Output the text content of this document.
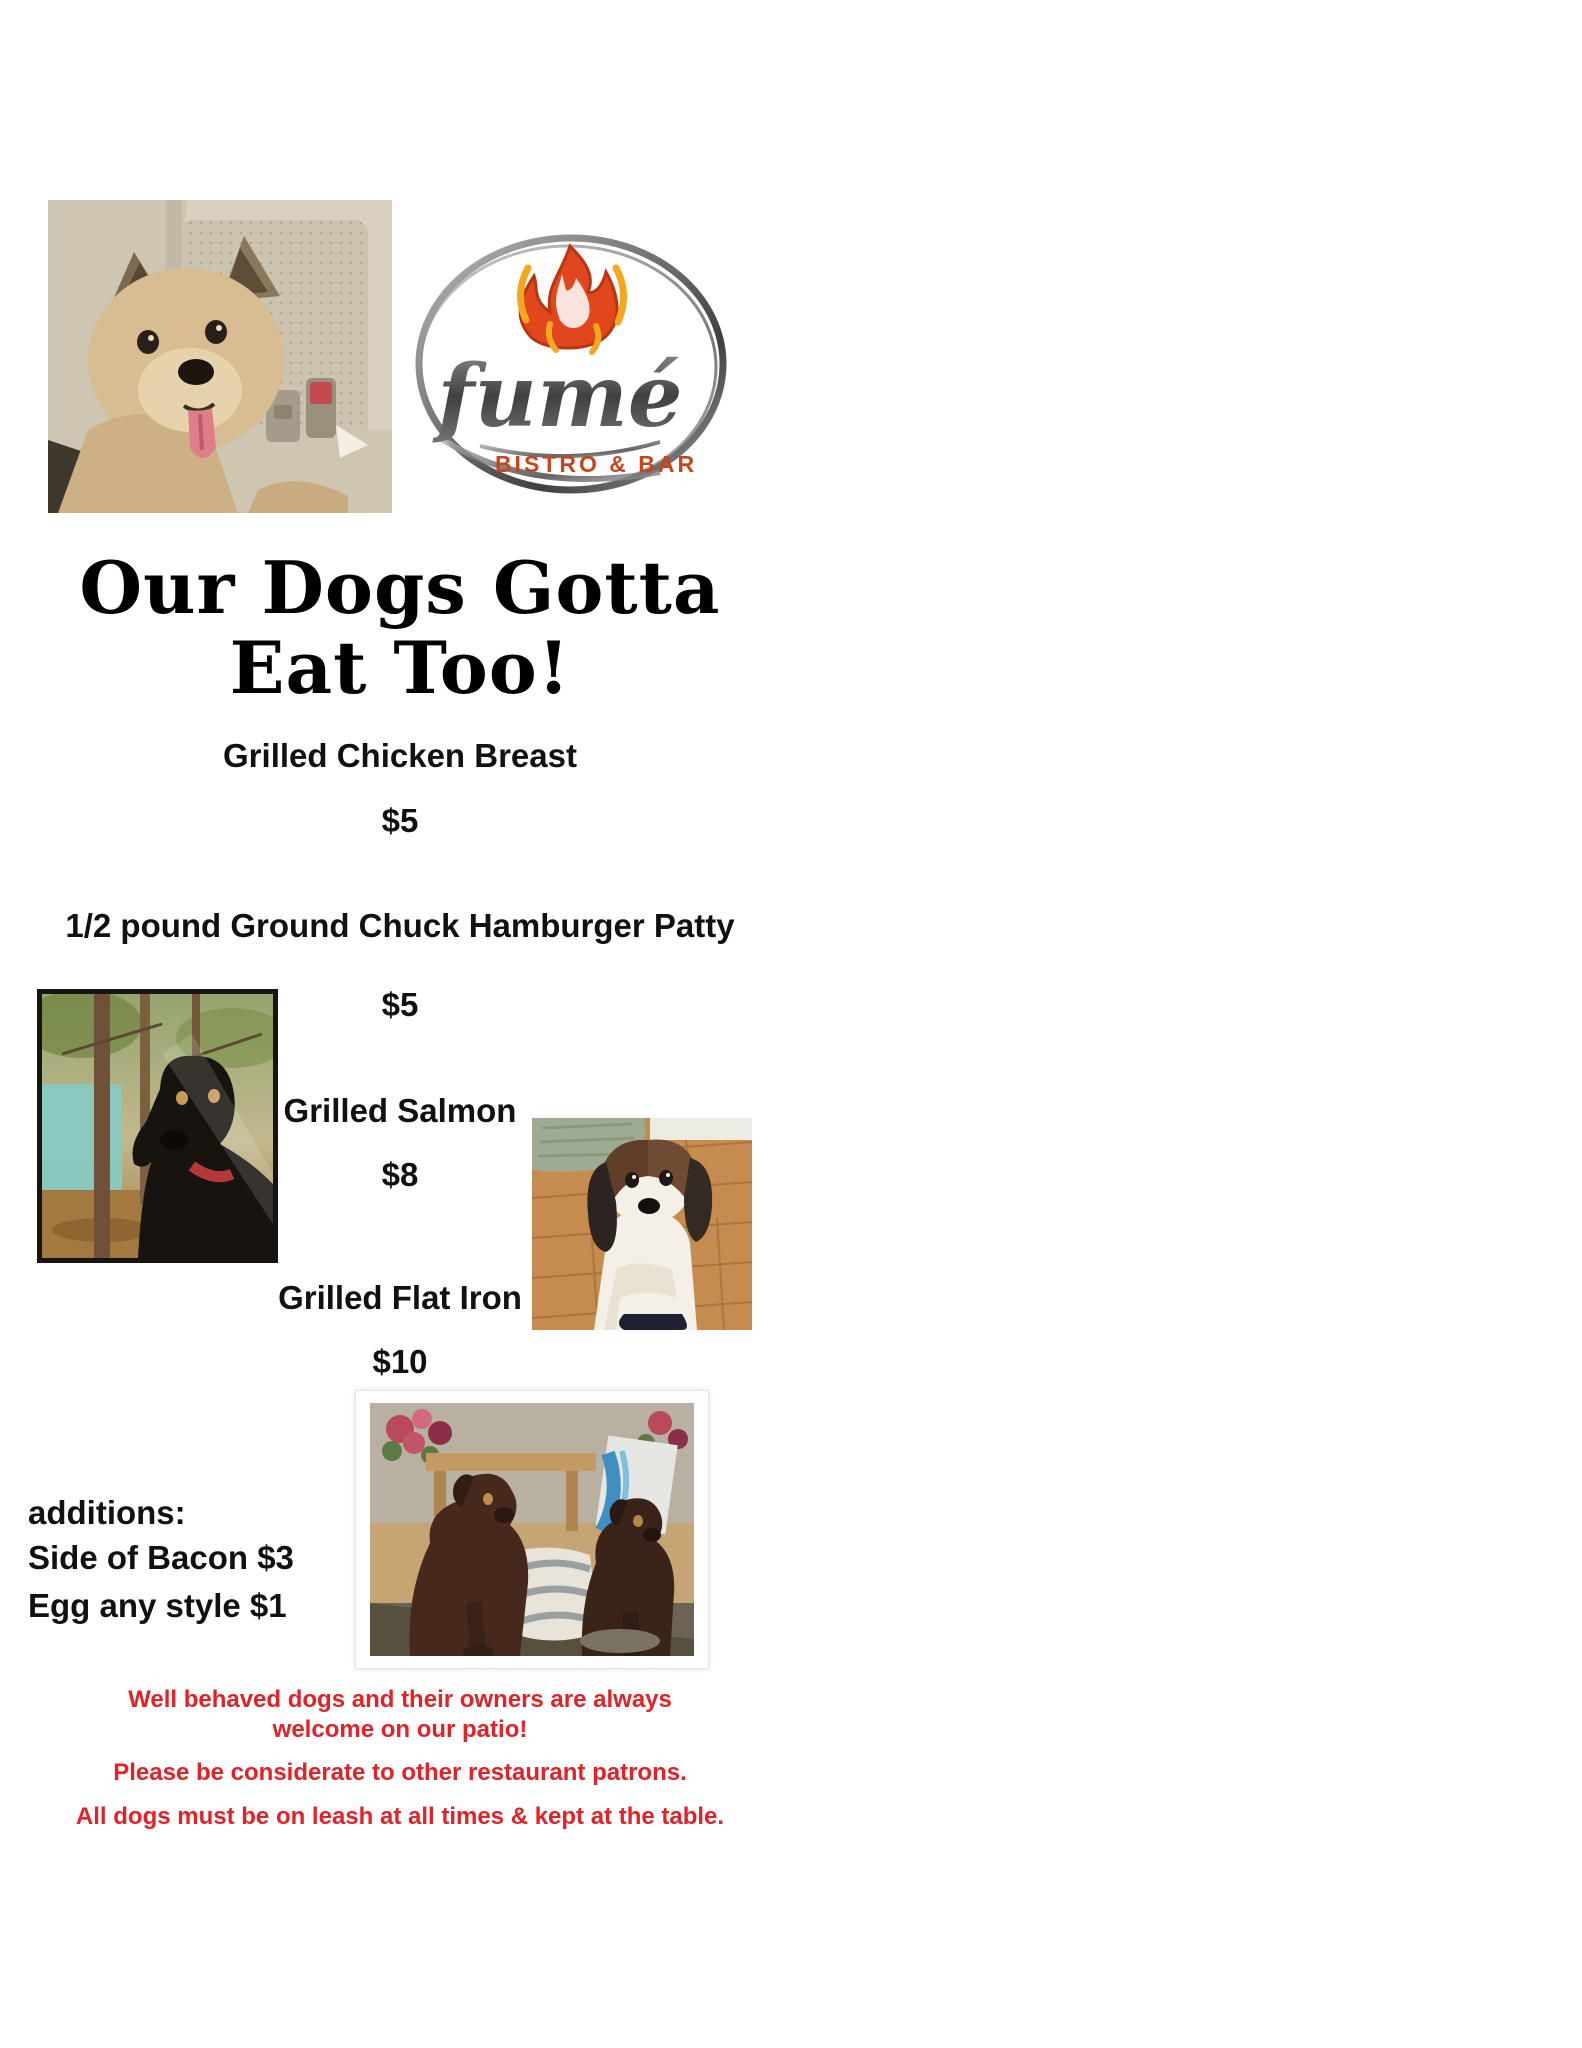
fumé
BISTRO & BAR
Our Dogs Gotta
Eat Too!
Grilled Chicken Breast
$5
1/2 pound Ground Chuck Hamburger Patty
$5
Grilled Salmon
$8
Grilled Flat Iron
$10
additions:
Side of Bacon $3
Egg any style $1
Well behaved dogs and their owners are always
welcome on our patio!
Please be considerate to other restaurant patrons.
All dogs must be on leash at all times & kept at the table.
